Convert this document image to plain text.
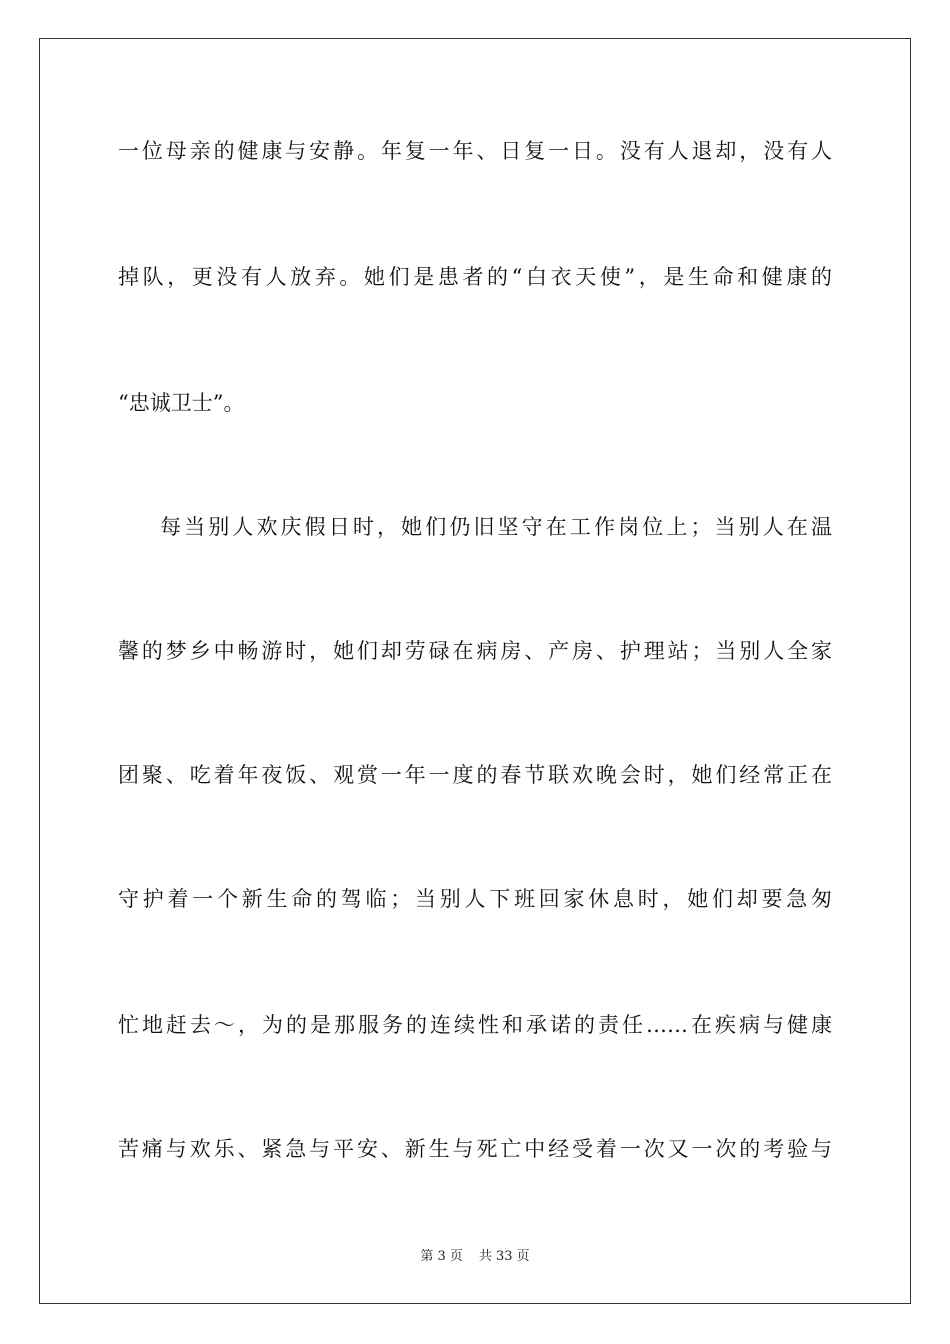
一位母亲的健康与安静。年复一年、日复一日。没有人退却，没有人
掉队，更没有人放弃。她们是患者的“白衣天使”，是生命和健康的
“忠诚卫士”。
每当别人欢庆假日时，她们仍旧坚守在工作岗位上；当别人在温
馨的梦乡中畅游时，她们却劳碌在病房、产房、护理站；当别人全家
团聚、吃着年夜饭、观赏一年一度的春节联欢晚会时，她们经常正在
守护着一个新生命的驾临；当别人下班回家休息时，她们却要急匆
忙地赶去～，为的是那服务的连续性和承诺的责任……在疾病与健康
苦痛与欢乐、紧急与平安、新生与死亡中经受着一次又一次的考验与
第 3 页 共 33 页
